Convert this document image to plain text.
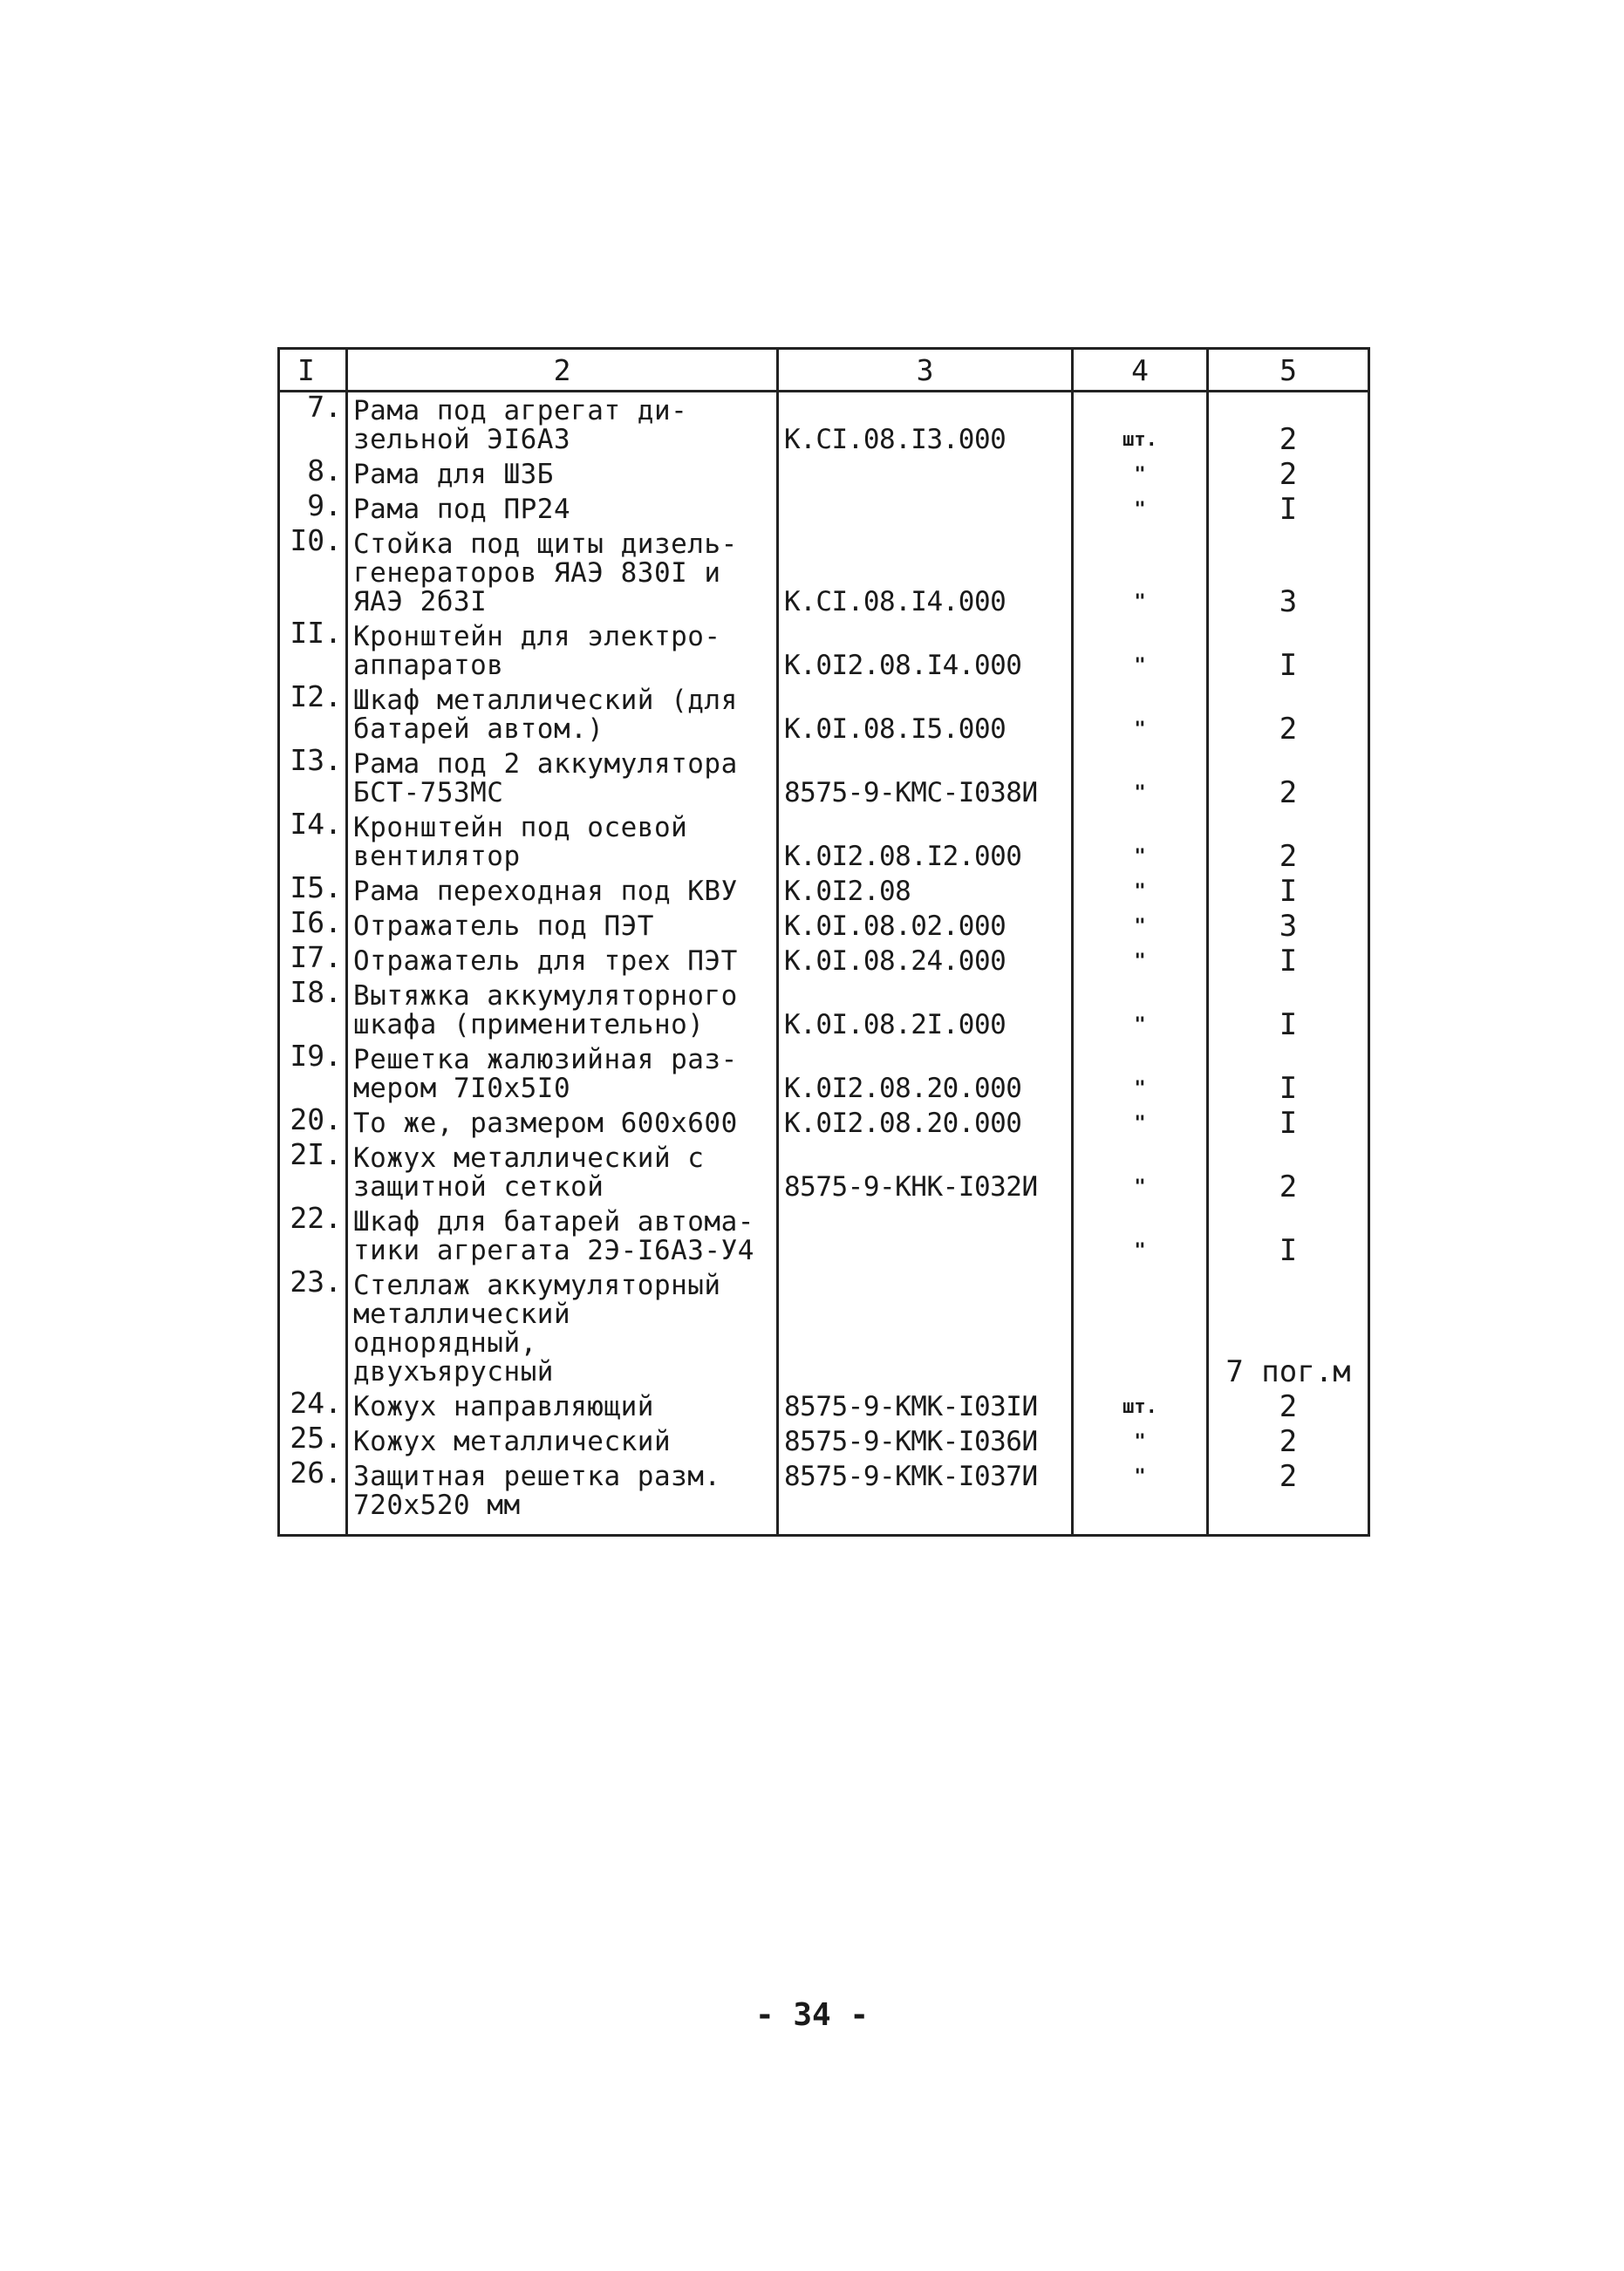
I	2	3	4	5
7.	Рама под агрегат ди-
зельной ЭI6А3	К.СI.08.I3.000	шт.	2
8.	Рама для ШЗБ		"	2
9.	Рама под ПР24		"	I
I0.	Стойка под щиты дизель-
генераторов ЯАЭ 830I и
ЯАЭ 2б3I	К.СI.08.I4.000	"	3
II.	Кронштейн для электро-
аппаратов	К.0I2.08.I4.000	"	I
I2.	Шкаф металлический (для
батарей автом.)	К.0I.08.I5.000	"	2
I3.	Рама под 2 аккумулятора
БСТ-75ЗМС	8575-9-КМС-I038И	"	2
I4.	Кронштейн под осевой
вентилятор	К.0I2.08.I2.000	"	2
I5.	Рама переходная под КВУ	К.0I2.08	"	I
I6.	Отражатель под ПЭТ	К.0I.08.02.000	"	3
I7.	Отражатель для трех ПЭТ	К.0I.08.24.000	"	I
I8.	Вытяжка аккумуляторного
шкафа (применительно)	К.0I.08.2I.000	"	I
I9.	Решетка жалюзийная раз-
мером 7I0х5I0	К.0I2.08.20.000	"	I
20.	То же, размером 600х600	К.0I2.08.20.000	"	I
2I.	Кожух металлический с
защитной сеткой	8575-9-КНК-I032И	"	2
22.	Шкаф для батарей автома-
тики агрегата 2Э-I6А3-У4		"	I
23.	Стеллаж аккумуляторный
металлический однорядный,
двухъярусный			7 пог.м
24.	Кожух направляющий	8575-9-КМК-I03IИ	шт.	2
25.	Кожух металлический	8575-9-КМК-I036И	"	2
26.	Защитная решетка разм.
720х520 мм	8575-9-КМК-I037И	"	2
- 34 -
